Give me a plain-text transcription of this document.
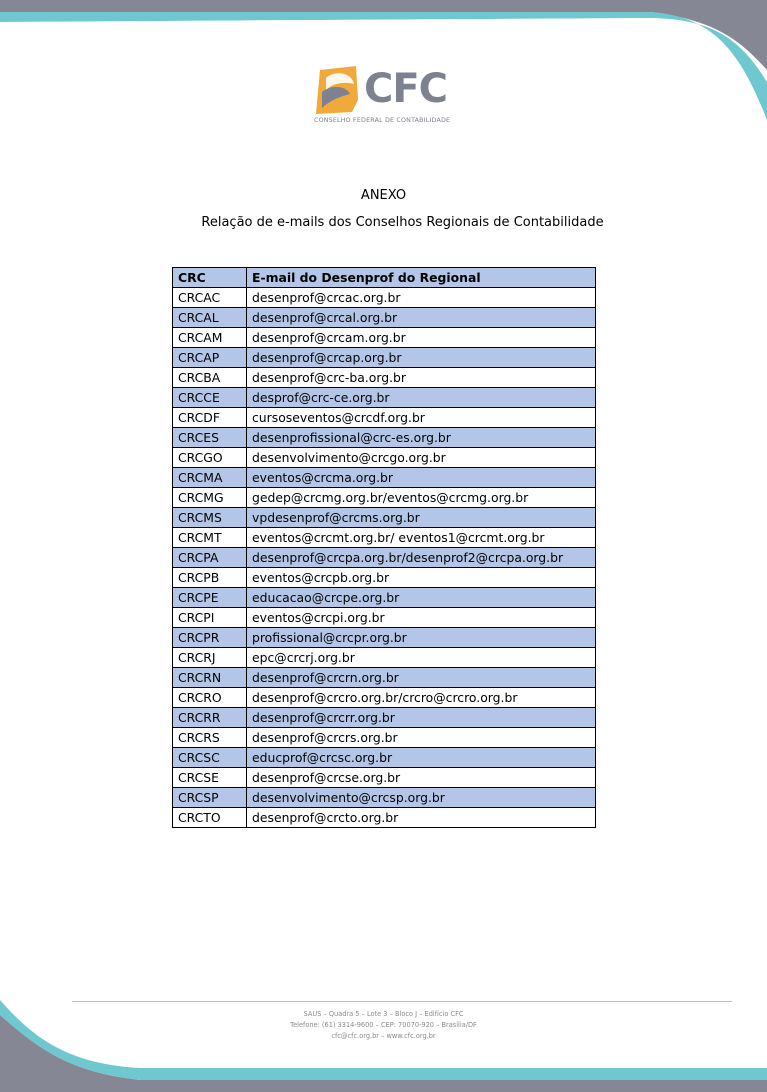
CFC
CONSELHO FEDERAL DE CONTABILIDADE
ANEXO
Relação de e-mails dos Conselhos Regionais de Contabilidade
CRC	E-mail do Desenprof do Regional
CRCAC	desenprof@crcac.org.br
CRCAL	desenprof@crcal.org.br
CRCAM	desenprof@crcam.org.br
CRCAP	desenprof@crcap.org.br
CRCBA	desenprof@crc-ba.org.br
CRCCE	desprof@crc-ce.org.br
CRCDF	cursoseventos@crcdf.org.br
CRCES	desenprofissional@crc-es.org.br
CRCGO	desenvolvimento@crcgo.org.br
CRCMA	eventos@crcma.org.br
CRCMG	gedep@crcmg.org.br/eventos@crcmg.org.br
CRCMS	vpdesenprof@crcms.org.br
CRCMT	eventos@crcmt.org.br/ eventos1@crcmt.org.br
CRCPA	desenprof@crcpa.org.br/desenprof2@crcpa.org.br
CRCPB	eventos@crcpb.org.br
CRCPE	educacao@crcpe.org.br
CRCPI	eventos@crcpi.org.br
CRCPR	profissional@crcpr.org.br
CRCRJ	epc@crcrj.org.br
CRCRN	desenprof@crcrn.org.br
CRCRO	desenprof@crcro.org.br/crcro@crcro.org.br
CRCRR	desenprof@crcrr.org.br
CRCRS	desenprof@crcrs.org.br
CRCSC	educprof@crcsc.org.br
CRCSE	desenprof@crcse.org.br
CRCSP	desenvolvimento@crcsp.org.br
CRCTO	desenprof@crcto.org.br
SAUS – Quadra 5 – Lote 3 – Bloco J – Edifício CFC
Telefone: (61) 3314-9600 – CEP: 70070-920 – Brasília/DF
cfc@cfc.org.br – www.cfc.org.br
